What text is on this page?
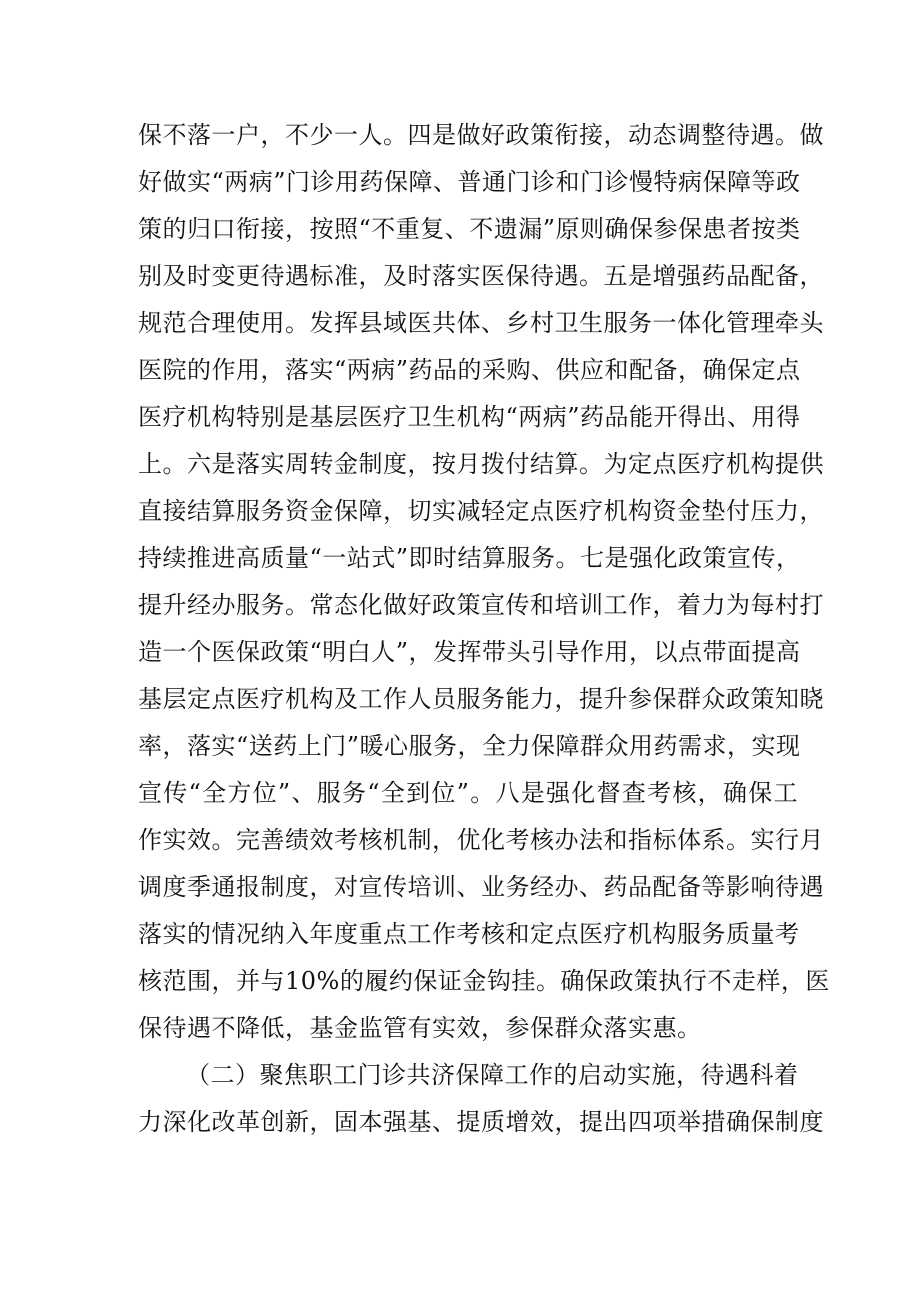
保不落一户，不少一人。四是做好政策衔接，动态调整待遇。做
好做实“两病”门诊用药保障、普通门诊和门诊慢特病保障等政
策的归口衔接，按照“不重复、不遗漏”原则确保参保患者按类
别及时变更待遇标准，及时落实医保待遇。五是增强药品配备，
规范合理使用。发挥县域医共体、乡村卫生服务一体化管理牵头
医院的作用，落实“两病”药品的采购、供应和配备，确保定点
医疗机构特别是基层医疗卫生机构“两病”药品能开得出、用得
上。六是落实周转金制度，按月拨付结算。为定点医疗机构提供
直接结算服务资金保障，切实减轻定点医疗机构资金垫付压力，
持续推进高质量“一站式”即时结算服务。七是强化政策宣传，
提升经办服务。常态化做好政策宣传和培训工作，着力为每村打
造一个医保政策“明白人”，发挥带头引导作用，以点带面提高
基层定点医疗机构及工作人员服务能力，提升参保群众政策知晓
率，落实“送药上门”暖心服务，全力保障群众用药需求，实现
宣传“全方位”、服务“全到位”。八是强化督查考核，确保工
作实效。完善绩效考核机制，优化考核办法和指标体系。实行月
调度季通报制度，对宣传培训、业务经办、药品配备等影响待遇
落实的情况纳入年度重点工作考核和定点医疗机构服务质量考
核范围，并与10%的履约保证金钩挂。确保政策执行不走样，医
保待遇不降低，基金监管有实效，参保群众落实惠。
（二）聚焦职工门诊共济保障工作的启动实施，待遇科着
力深化改革创新，固本强基、提质增效，提出四项举措确保制度
